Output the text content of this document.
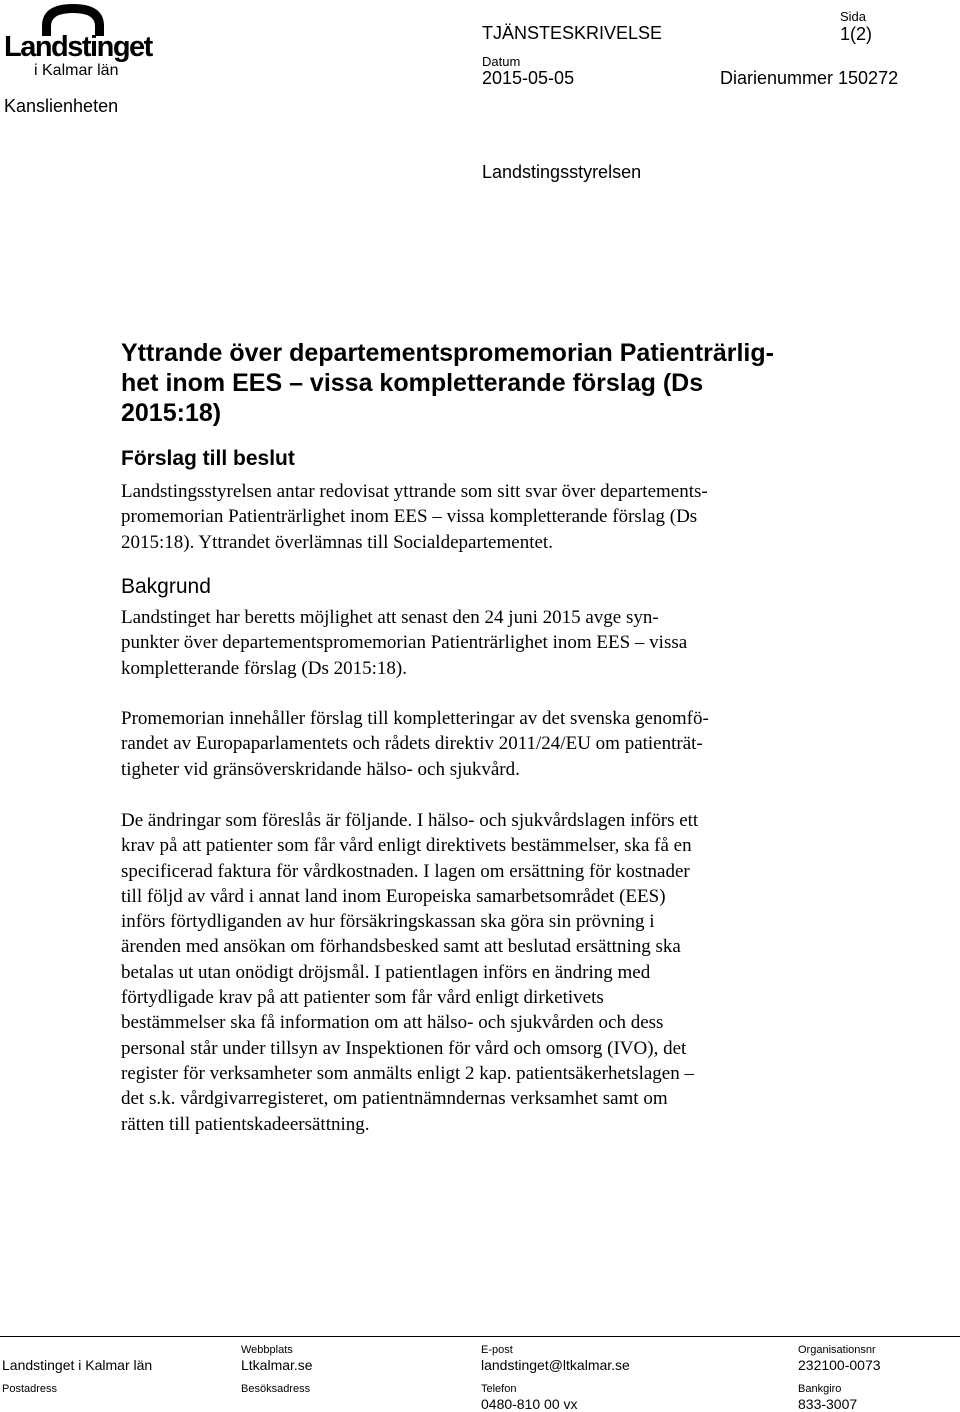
Landstinget
i Kalmar län
Kanslienheten
TJÄNSTESKRIVELSE
Sida
1(2)
Datum
2015-05-05	Diarienummer 150272
Landstingsstyrelsen
Yttrande över departementspromemorian Patienträrlig-
het inom EES – vissa kompletterande förslag (Ds
2015:18)
Förslag till beslut
Landstingsstyrelsen antar redovisat yttrande som sitt svar över departements-
promemorian Patienträrlighet inom EES – vissa kompletterande förslag (Ds
2015:18). Yttrandet överlämnas till Socialdepartementet.
Bakgrund
Landstinget har beretts möjlighet att senast den 24 juni 2015 avge syn-
punkter över departementspromemorian Patienträrlighet inom EES – vissa
kompletterande förslag (Ds 2015:18).
Promemorian innehåller förslag till kompletteringar av det svenska genomfö-
randet av Europaparlamentets och rådets direktiv 2011/24/EU om patienträt-
tigheter vid gränsöverskridande hälso- och sjukvård.
De ändringar som föreslås är följande. I hälso- och sjukvårdslagen införs ett
krav på att patienter som får vård enligt direktivets bestämmelser, ska få en
specificerad faktura för vårdkostnaden. I lagen om ersättning för kostnader
till följd av vård i annat land inom Europeiska samarbetsområdet (EES)
införs förtydliganden av hur försäkringskassan ska göra sin prövning i
ärenden med ansökan om förhandsbesked samt att beslutad ersättning ska
betalas ut utan onödigt dröjsmål. I patientlagen införs en ändring med
förtydligade krav på att patienter som får vård enligt dirketivets
bestämmelser ska få information om att hälso- och sjukvården och dess
personal står under tillsyn av Inspektionen för vård och omsorg (IVO), det
register för verksamheter som anmälts enligt 2 kap. patientsäkerhetslagen –
det s.k. vårdgivarregisteret, om patientnämndernas verksamhet samt om
rätten till patientskadeersättning.
Landstinget i Kalmar län
Postadress
Webbplats
Ltkalmar.se
Besöksadress
E-post
landstinget@ltkalmar.se
Telefon
0480-810 00 vx
Organisationsnr
232100-0073
Bankgiro
833-3007
